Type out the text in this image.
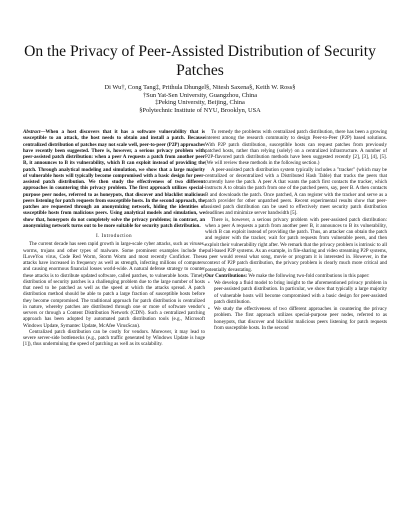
On the Privacy of Peer-Assisted Distribution of Security Patches
Di Wu†, Cong Tang‡, Prithula Dhungel§, Nitesh Saxena§, Keith W. Ross§
†Sun Yat-Sen University, Guangzhou, China
‡Peking University, Beijing, China
§Polytechnic Institute of NYU, Brooklyn, USA

Abstract—When a host discovers that it has a software vulnerability that is susceptible to an attack, the host needs to obtain and install a patch. Because centralized distribution of patches may not scale well, peer-to-peer (P2P) approaches have recently been suggested. There is, however, a serious privacy problem with peer-assisted patch distribution: when a peer A requests a patch from another peer B, it announces to B its vulnerability, which B can exploit instead of providing the patch. Through analytical modeling and simulation, we show that a large majority of vulnerable hosts will typically become compromised with a basic design for peer-assisted patch distribution. We then study the effectiveness of two different approaches in countering this privacy problem. The first approach utilizes special-purpose peer nodes, referred to as honeypots, that discover and blacklist malicious peers listening for patch requests from susceptible hosts. In the second approach, the patches are requested through an anonymizing network, hiding the identities of susceptible hosts from malicious peers. Using analytical models and simulation, we show that, honeypots do not completely solve the privacy problems; in contrast, an anonymizing network turns out to be more suitable for security patch distribution.

I. Introduction

The current decade has seen rapid growth in large-scale cyber attacks, such as viruses, worms, trojans and other types of malware. Some prominent examples include the ILoveYou virus, Code Red Worm, Storm Worm and most recently Conficker. These attacks have increased in frequency as well as strength, infecting millions of computers and causing enormous financial losses world-wide. A natural defense strategy to counter these attacks is to distribute updated software, called patches, to vulnerable hosts. Timely distribution of security patches is a challenging problem due to the large number of hosts that need to be patched as well as the speed at which the attacks spread. A patch distribution method should be able to patch a large fraction of susceptible hosts before they become compromised. The traditional approach for patch distribution is centralized in nature, whereby patches are distributed through one or more of software vendor's servers or through a Content Distribution Network (CDN). Such a centralized patching approach has been adopted by automated patch distribution tools (e.g., Microsoft Windows Update, Symantec Update, McAfee VirusScan).

Centralized patch distribution can be costly for vendors. Moreover, it may lead to severe server-side bottlenecks (e.g., patch traffic generated by Windows Update is huge [1]), thus undermining the speed of patching as well as its scalability.

To remedy the problems with centralized patch distribution, there has been a growing interest among the research community to design Peer-to-Peer (P2P) based solutions. With P2P patch distribution, susceptible hosts can request patches from previously patched hosts, rather than relying (solely) on a centralized infrastructure. A number of P2P-flavored patch distribution methods have been suggested recently [2], [3], [4], [5]. (We will review these methods in the following section.)

A peer-assisted patch distribution system typically includes a "tracker" (which may be centralized or decentralized with a Distributed Hash Table) that tracks the peers that currently have the patch. A peer A that wants the patch first contacts the tracker, which instructs A to obtain the patch from one of the patched peers, say, peer B. A then contacts B and downloads the patch. Once patched, A can register with the tracker and serve as a patch provider for other unpatched peers. Recent experimental results show that peer-assisted patch distribution can be used to effectively meet security patch distribution deadlines and minimize server bandwidth [5].

There is, however, a serious privacy problem with peer-assisted patch distribution: when a peer A requests a patch from another peer B, it announces to B its vulnerability, which B can exploit instead of providing the patch. Thus, an attacker can obtain the patch and register with the tracker, wait for patch requests from vulnerable peers, and then exploit their vulnerability right after. We remark that the privacy problem is intrinsic to all pull-based P2P systems. As an example, in file-sharing and video streaming P2P systems, a peer would reveal what song, movie or program it is interested in. However, in the context of P2P patch distribution, the privacy problem is clearly much more critical and potentially devastating.

Our Contributions: We make the following two-fold contributions in this paper:

• We develop a fluid model to bring insight to the aforementioned privacy problem in peer-assisted patch distribution. In particular, we show that typically a large majority of vulnerable hosts will become compromised with a basic design for peer-assisted patch distribution.
• We study the effectiveness of two different approaches in countering the privacy problem. The first approach utilizes special-purpose peer nodes, referred to as honeypots, that discover and blacklist malicious peers listening for patch requests from susceptible hosts. In the second
